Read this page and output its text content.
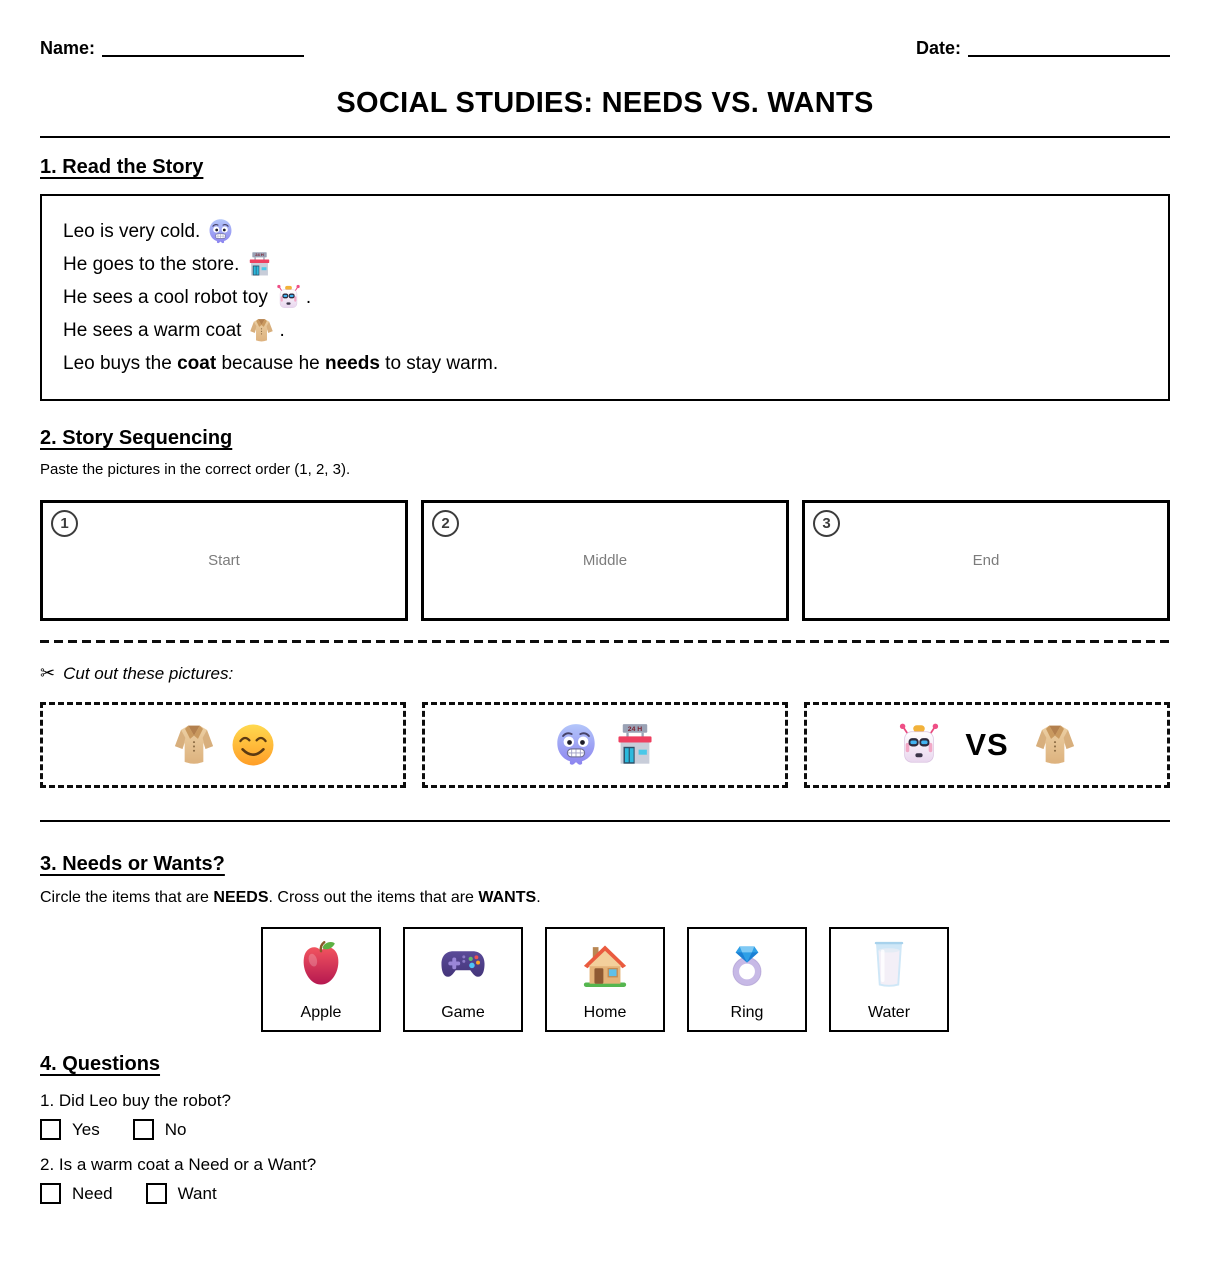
Name:	Date:
SOCIAL STUDIES: NEEDS VS. WANTS
1. Read the Story
Leo is very cold.
He goes to the store.
He sees a cool robot toy .
He sees a warm coat .
Leo buys the coat because he needs to stay warm.
2. Story Sequencing
Paste the pictures in the correct order (1, 2, 3).
1
Start
2
Middle
3
End
✂ Cut out these pictures:
VS
3. Needs or Wants?
Circle the items that are NEEDS. Cross out the items that are WANTS.
Apple	Game	Home	Ring	Water
4. Questions
1. Did Leo buy the robot?
Yes	No
2. Is a warm coat a Need or a Want?
Need	Want
